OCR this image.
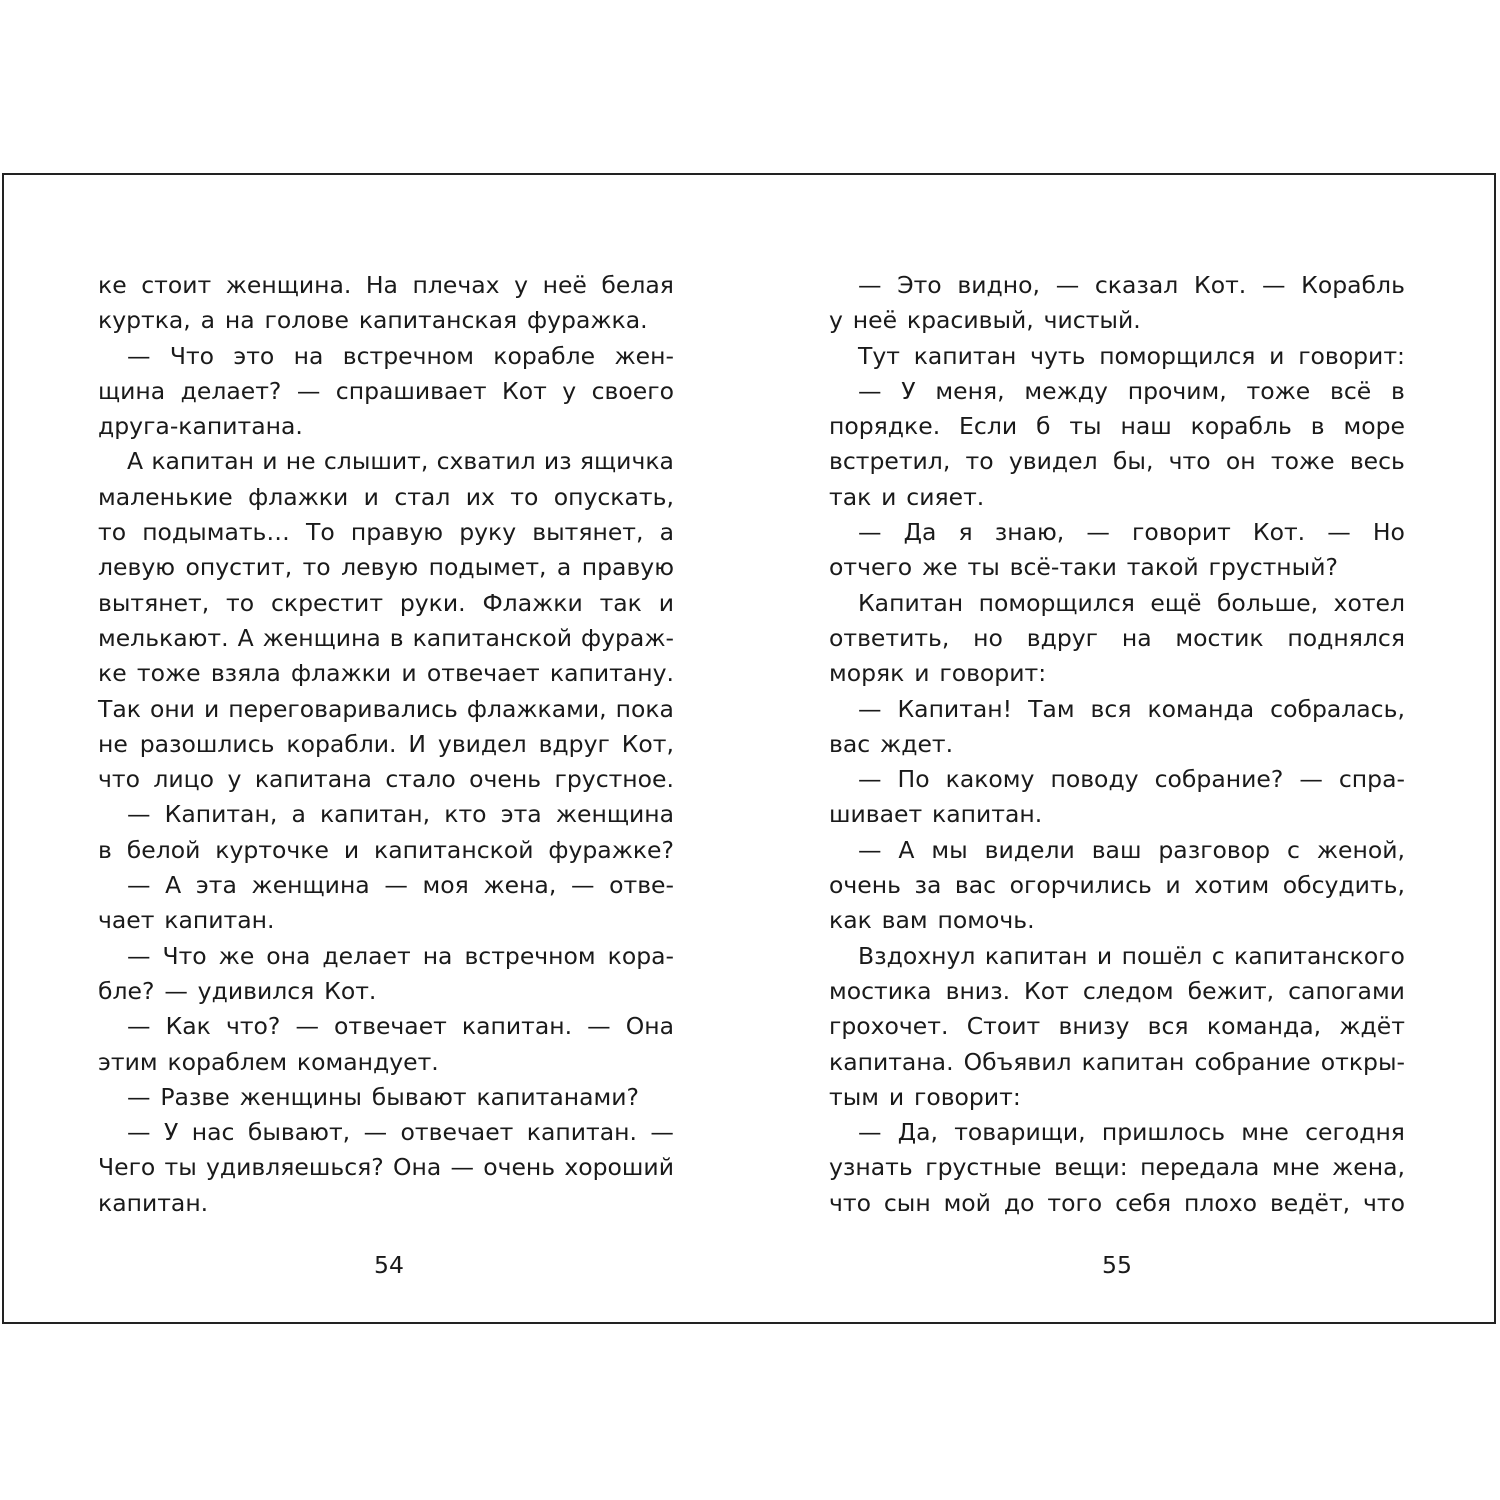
ке стоит женщина. На плечах у неё белая
куртка, а на голове капитанская фуражка.
— Что это на встречном корабле жен-
щина делает? — спрашивает Кот у своего
друга-капитана.
А капитан и не слышит, схватил из ящичка
маленькие флажки и стал их то опускать,
то подымать… То правую руку вытянет, а
левую опустит, то левую подымет, а правую
вытянет, то скрестит руки. Флажки так и
мелькают. А женщина в капитанской фураж-
ке тоже взяла флажки и отвечает капитану.
Так они и переговаривались флажками, пока
не разошлись корабли. И увидел вдруг Кот,
что лицо у капитана стало очень грустное.
— Капитан, а капитан, кто эта женщина
в белой курточке и капитанской фуражке?
— А эта женщина — моя жена, — отве-
чает капитан.
— Что же она делает на встречном кора-
бле? — удивился Кот.
— Как что? — отвечает капитан. — Она
этим кораблем командует.
— Разве женщины бывают капитанами?
— У нас бывают, — отвечает капитан. —
Чего ты удивляешься? Она — очень хороший
капитан.
— Это видно, — сказал Кот. — Корабль
у неё красивый, чистый.
Тут капитан чуть поморщился и говорит:
— У меня, между прочим, тоже всё в
порядке. Если б ты наш корабль в море
встретил, то увидел бы, что он тоже весь
так и сияет.
— Да я знаю, — говорит Кот. — Но
отчего же ты всё-таки такой грустный?
Капитан поморщился ещё больше, хотел
ответить, но вдруг на мостик поднялся
моряк и говорит:
— Капитан! Там вся команда собралась,
вас ждет.
— По какому поводу собрание? — спра-
шивает капитан.
— А мы видели ваш разговор с женой,
очень за вас огорчились и хотим обсудить,
как вам помочь.
Вздохнул капитан и пошёл с капитанского
мостика вниз. Кот следом бежит, сапогами
грохочет. Стоит внизу вся команда, ждёт
капитана. Объявил капитан собрание откры-
тым и говорит:
— Да, товарищи, пришлось мне сегодня
узнать грустные вещи: передала мне жена,
что сын мой до того себя плохо ведёт, что
54	55
